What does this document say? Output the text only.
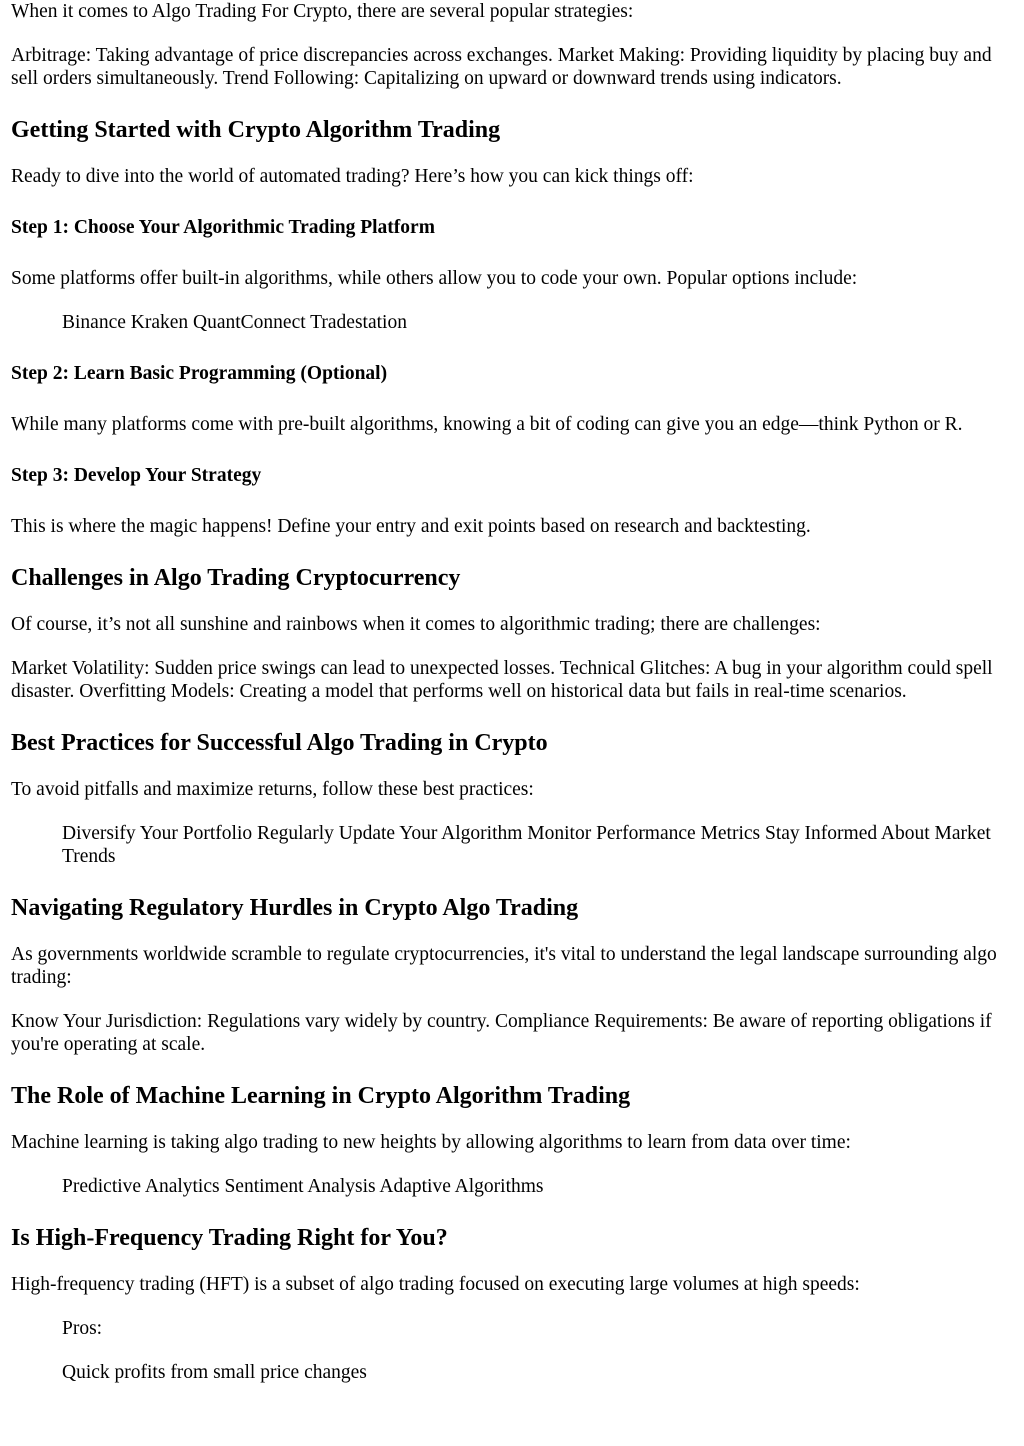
When it comes to Algo Trading For Crypto, there are several popular strategies:

Arbitrage: Taking advantage of price discrepancies across exchanges. Market Making: Providing liquidity by placing buy and sell orders simultaneously. Trend Following: Capitalizing on upward or downward trends using indicators.

Getting Started with Crypto Algorithm Trading

Ready to dive into the world of automated trading? Here’s how you can kick things off:

Step 1: Choose Your Algorithmic Trading Platform

Some platforms offer built-in algorithms, while others allow you to code your own. Popular options include:

Binance Kraken QuantConnect Tradestation

Step 2: Learn Basic Programming (Optional)

While many platforms come with pre-built algorithms, knowing a bit of coding can give you an edge—think Python or R.

Step 3: Develop Your Strategy

This is where the magic happens! Define your entry and exit points based on research and backtesting.

Challenges in Algo Trading Cryptocurrency

Of course, it’s not all sunshine and rainbows when it comes to algorithmic trading; there are challenges:

Market Volatility: Sudden price swings can lead to unexpected losses. Technical Glitches: A bug in your algorithm could spell disaster. Overfitting Models: Creating a model that performs well on historical data but fails in real-time scenarios.

Best Practices for Successful Algo Trading in Crypto

To avoid pitfalls and maximize returns, follow these best practices:

Diversify Your Portfolio Regularly Update Your Algorithm Monitor Performance Metrics Stay Informed About Market Trends

Navigating Regulatory Hurdles in Crypto Algo Trading

As governments worldwide scramble to regulate cryptocurrencies, it's vital to understand the legal landscape surrounding algo trading:

Know Your Jurisdiction: Regulations vary widely by country. Compliance Requirements: Be aware of reporting obligations if you're operating at scale.

The Role of Machine Learning in Crypto Algorithm Trading

Machine learning is taking algo trading to new heights by allowing algorithms to learn from data over time:

Predictive Analytics Sentiment Analysis Adaptive Algorithms

Is High-Frequency Trading Right for You?

High-frequency trading (HFT) is a subset of algo trading focused on executing large volumes at high speeds:

Pros:

Quick profits from small price changes
